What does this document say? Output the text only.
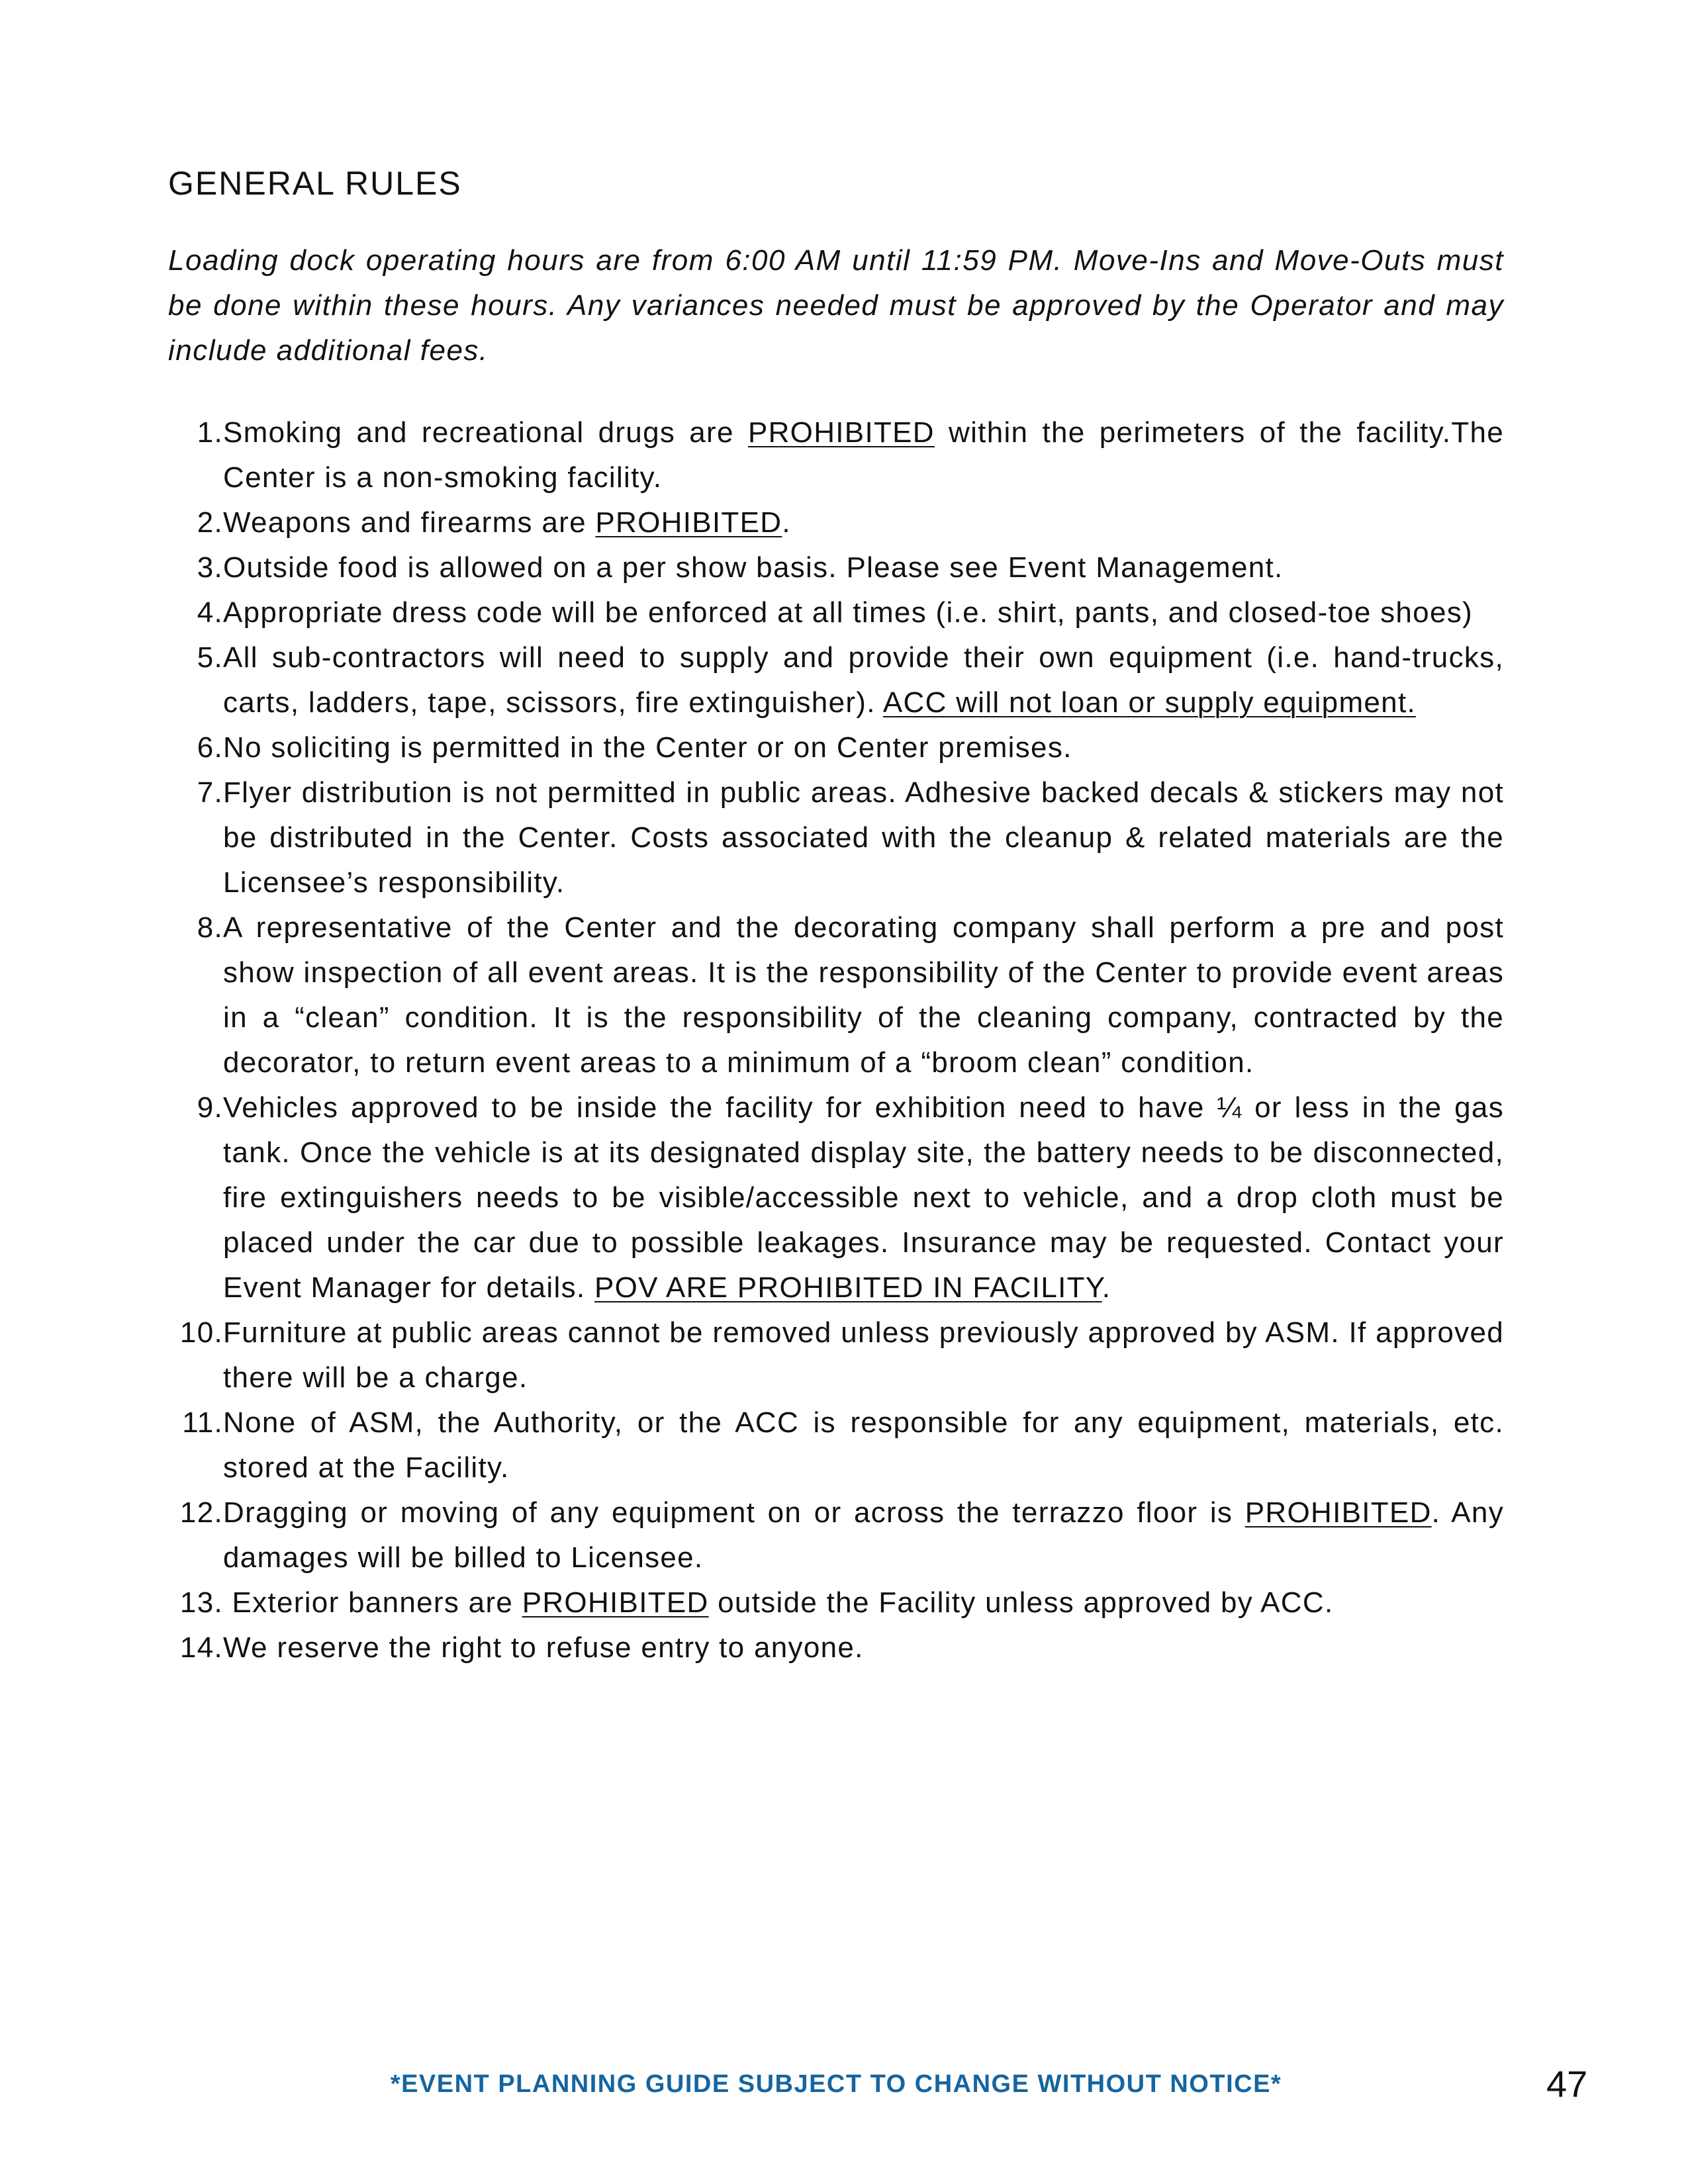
GENERAL RULES

Loading dock operating hours are from 6:00 AM until 11:59 PM. Move-Ins and Move-Outs must be done within these hours. Any variances needed must be approved by the Operator and may include additional fees.

1. Smoking and recreational drugs are PROHIBITED within the perimeters of the facility.The Center is a non-smoking facility.
2. Weapons and firearms are PROHIBITED.
3. Outside food is allowed on a per show basis. Please see Event Management.
4. Appropriate dress code will be enforced at all times (i.e. shirt, pants, and closed-toe shoes)
5. All sub-contractors will need to supply and provide their own equipment (i.e. hand-trucks, carts, ladders, tape, scissors, fire extinguisher). ACC will not loan or supply equipment.
6. No soliciting is permitted in the Center or on Center premises.
7. Flyer distribution is not permitted in public areas. Adhesive backed decals & stickers may not be distributed in the Center. Costs associated with the cleanup & related materials are the Licensee’s responsibility.
8. A representative of the Center and the decorating company shall perform a pre and post show inspection of all event areas. It is the responsibility of the Center to provide event areas in a “clean” condition. It is the responsibility of the cleaning company, contracted by the decorator, to return event areas to a minimum of a “broom clean” condition.
9. Vehicles approved to be inside the facility for exhibition need to have ¼ or less in the gas tank. Once the vehicle is at its designated display site, the battery needs to be disconnected, fire extinguishers needs to be visible/accessible next to vehicle, and a drop cloth must be placed under the car due to possible leakages. Insurance may be requested. Contact your Event Manager for details. POV ARE PROHIBITED IN FACILITY.
10. Furniture at public areas cannot be removed unless previously approved by ASM. If approved there will be a charge.
11. None of ASM, the Authority, or the ACC is responsible for any equipment, materials, etc. stored at the Facility.
12. Dragging or moving of any equipment on or across the terrazzo floor is PROHIBITED. Any damages will be billed to Licensee.
13. Exterior banners are PROHIBITED outside the Facility unless approved by ACC.
14. We reserve the right to refuse entry to anyone.
*EVENT PLANNING GUIDE SUBJECT TO CHANGE WITHOUT NOTICE*	47
